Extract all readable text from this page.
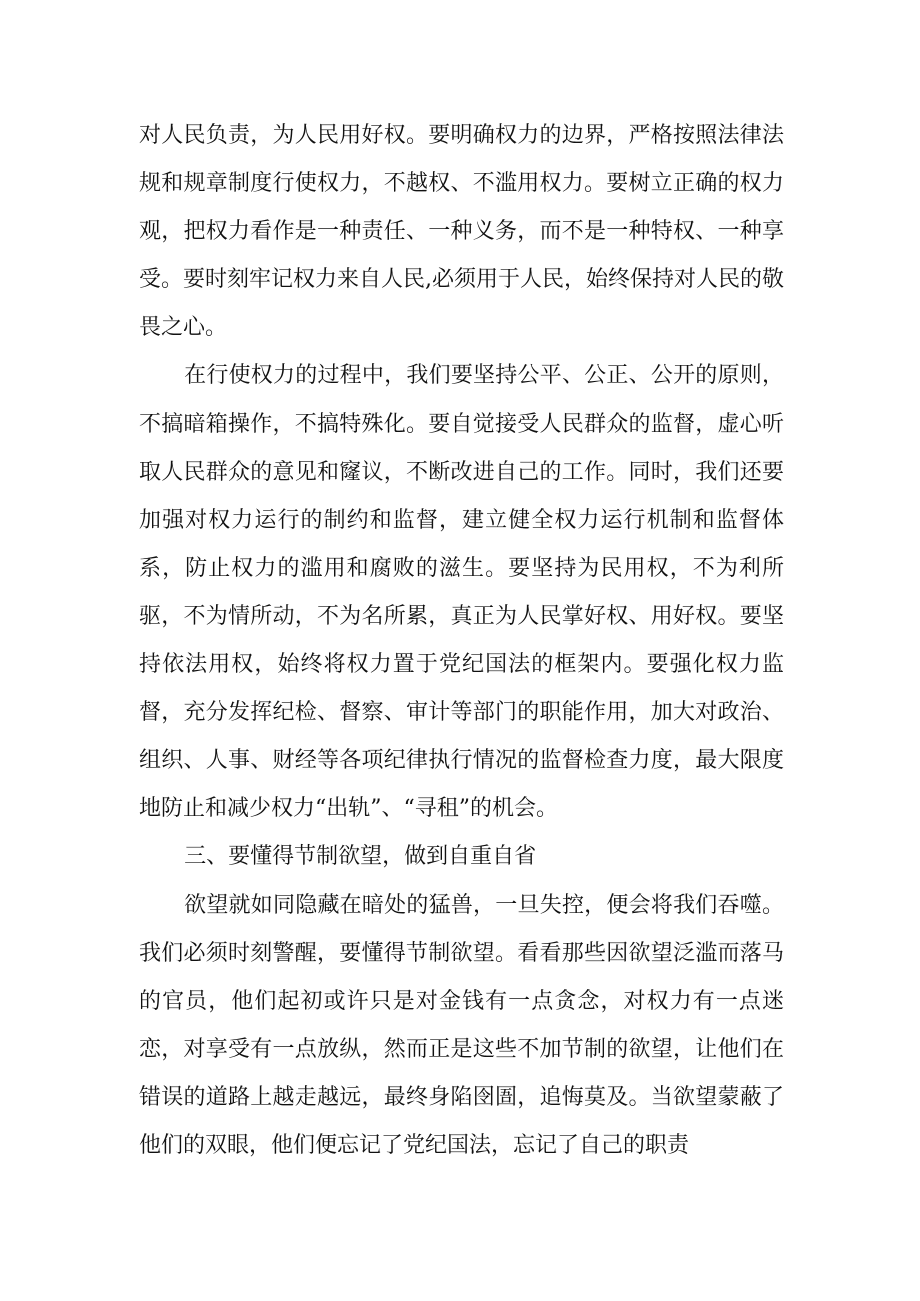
对人民负责，为人民用好权。要明确权力的边界，严格按照法律法规和规章制度行使权力，不越权、不滥用权力。要树立正确的权力观，把权力看作是一种责任、一种义务，而不是一种特权、一种享受。要时刻牢记权力来自人民,必须用于人民，始终保持对人民的敬畏之心。

在行使权力的过程中，我们要坚持公平、公正、公开的原则，不搞暗箱操作，不搞特殊化。要自觉接受人民群众的监督，虚心听取人民群众的意见和窿议，不断改进自己的工作。同时，我们还要加强对权力运行的制约和监督，建立健全权力运行机制和监督体系，防止权力的滥用和腐败的滋生。要坚持为民用权，不为利所驱，不为情所动，不为名所累，真正为人民掌好权、用好权。要坚持依法用权，始终将权力置于党纪国法的框架内。要强化权力监督，充分发挥纪检、督察、审计等部门的职能作用，加大对政治、组织、人事、财经等各项纪律执行情况的监督检查力度，最大限度地防止和减少权力“出轨”、“寻租”的机会。

三、要懂得节制欲望，做到自重自省

欲望就如同隐藏在暗处的猛兽，一旦失控，便会将我们吞噬。我们必须时刻警醒，要懂得节制欲望。看看那些因欲望泛滥而落马的官员，他们起初或许只是对金钱有一点贪念，对权力有一点迷恋，对享受有一点放纵，然而正是这些不加节制的欲望，让他们在错误的道路上越走越远，最终身陷囹圄，追悔莫及。当欲望蒙蔽了他们的双眼，他们便忘记了党纪国法，忘记了自己的职责
